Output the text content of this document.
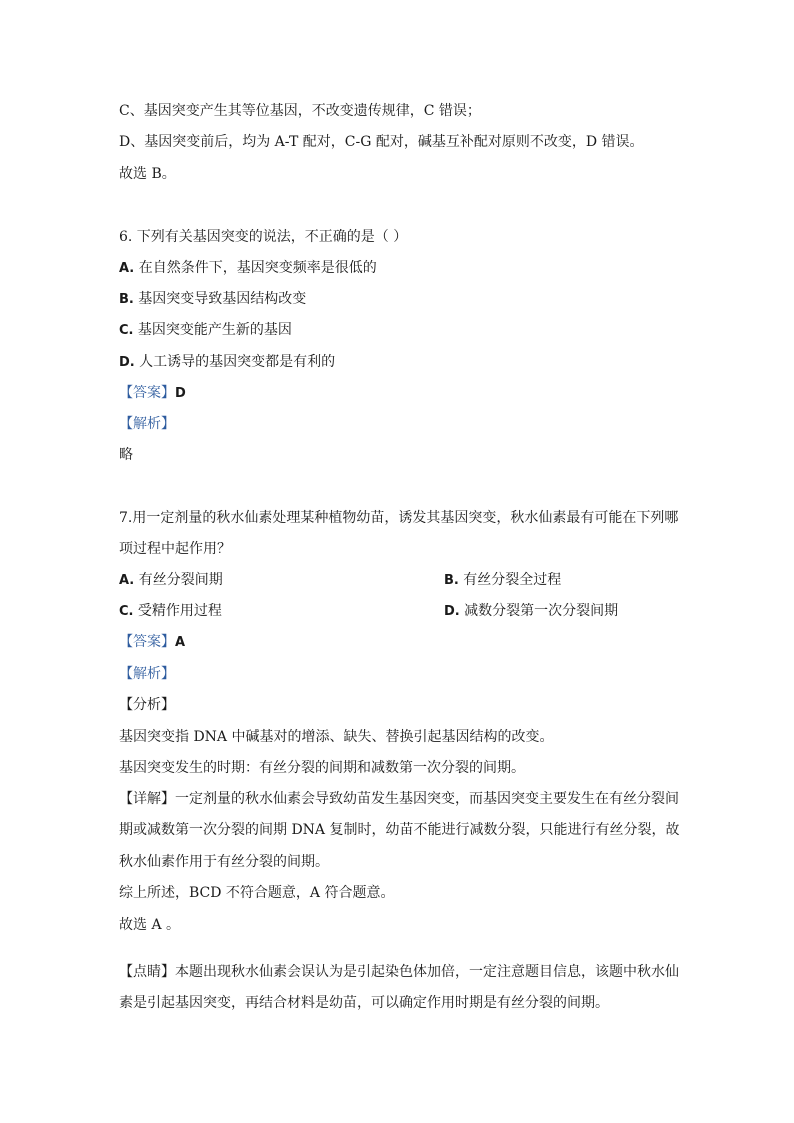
C、基因突变产生其等位基因，不改变遗传规律，C 错误；
D、基因突变前后，均为 A-T 配对，C-G 配对，碱基互补配对原则不改变，D 错误。
故选 B。
6. 下列有关基因突变的说法，不正确的是（ ）
A. 在自然条件下，基因突变频率是很低的
B. 基因突变导致基因结构改变
C. 基因突变能产生新的基因
D. 人工诱导的基因突变都是有利的
【答案】D
【解析】
略
7.用一定剂量的秋水仙素处理某种植物幼苗，诱发其基因突变，秋水仙素最有可能在下列哪
项过程中起作用？
A. 有丝分裂间期	B. 有丝分裂全过程
C. 受精作用过程	D. 减数分裂第一次分裂间期
【答案】A
【解析】
【分析】
基因突变指 DNA 中碱基对的增添、缺失、替换引起基因结构的改变。
基因突变发生的时期：有丝分裂的间期和减数第一次分裂的间期。
【详解】一定剂量的秋水仙素会导致幼苗发生基因突变，而基因突变主要发生在有丝分裂间
期或减数第一次分裂的间期 DNA 复制时，幼苗不能进行减数分裂，只能进行有丝分裂，故
秋水仙素作用于有丝分裂的间期。
综上所述，BCD 不符合题意，A 符合题意。
故选 A 。
【点睛】本题出现秋水仙素会误认为是引起染色体加倍，一定注意题目信息，该题中秋水仙
素是引起基因突变，再结合材料是幼苗，可以确定作用时期是有丝分裂的间期。
